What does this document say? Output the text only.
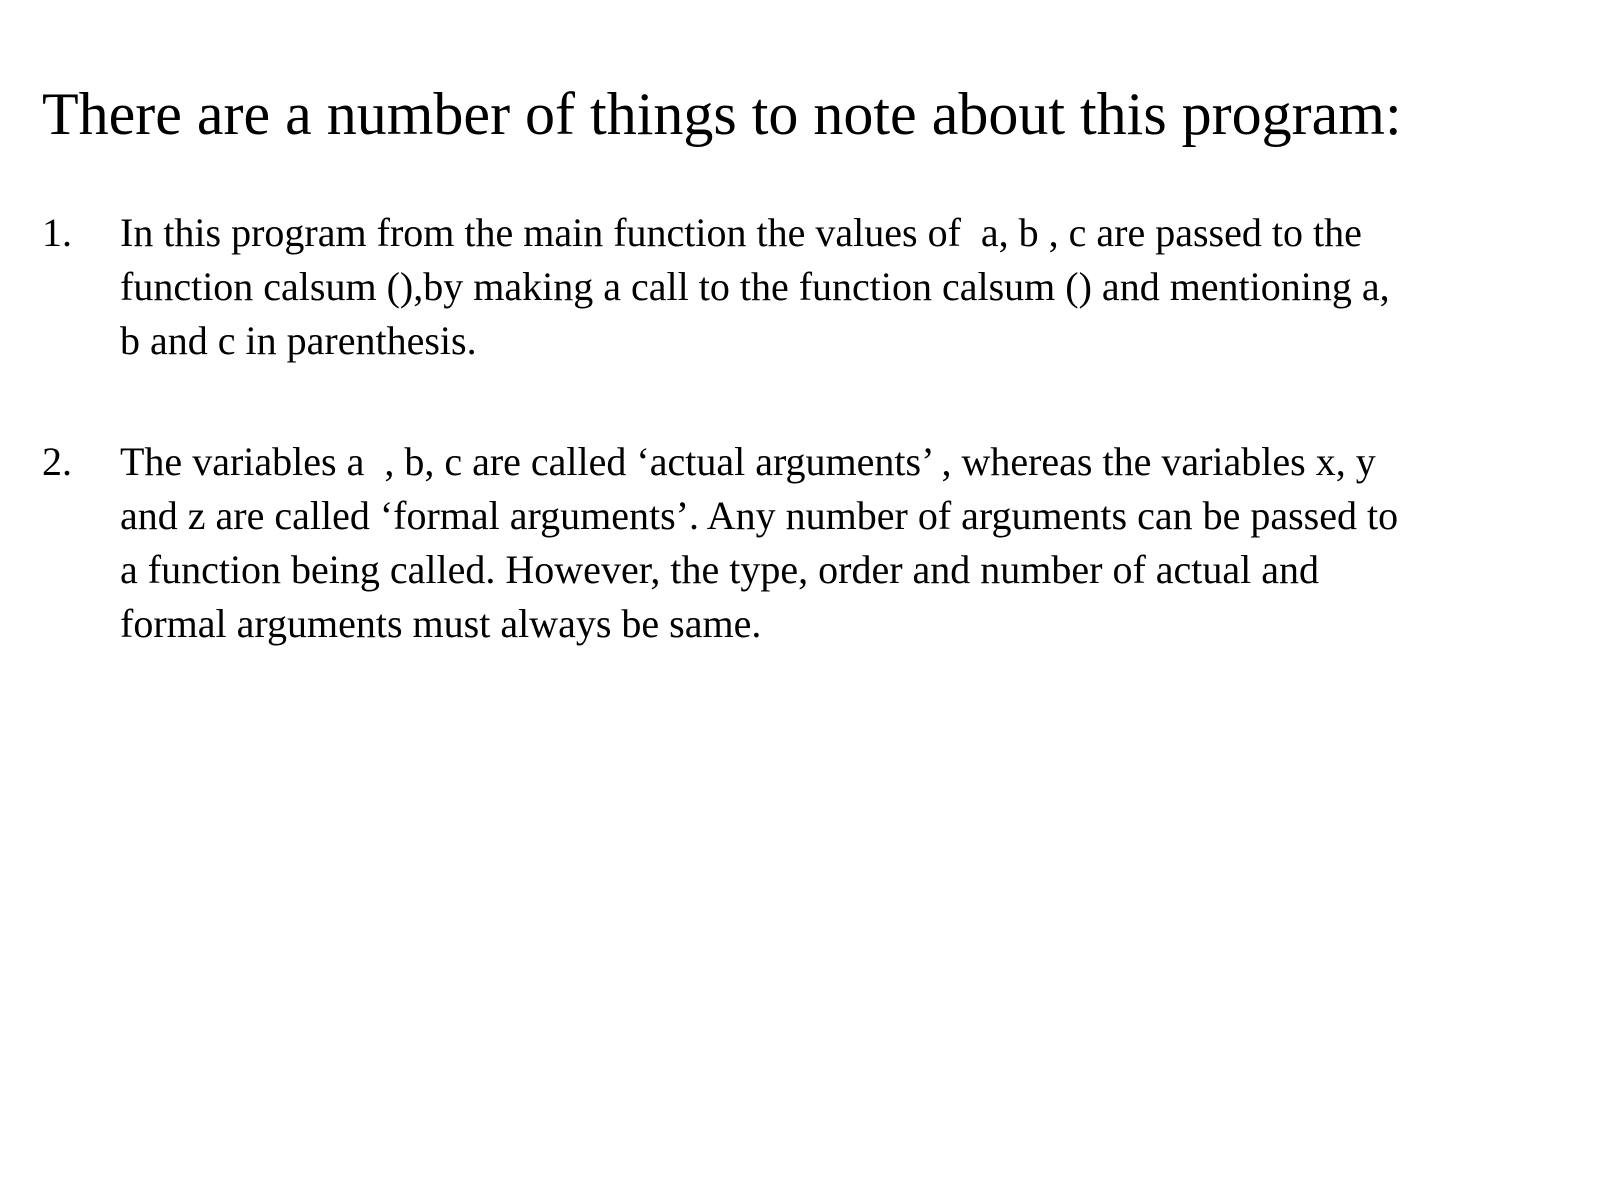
There are a number of things to note about this program:
1.	In this program from the main function the values of  a, b , c are passed to the
function calsum (),by making a call to the function calsum () and mentioning a,
b and c in parenthesis.
2.	The variables a  , b, c are called ‘actual arguments’ , whereas the variables x, y
and z are called ‘formal arguments’. Any number of arguments can be passed to
a function being called. However, the type, order and number of actual and
formal arguments must always be same.
